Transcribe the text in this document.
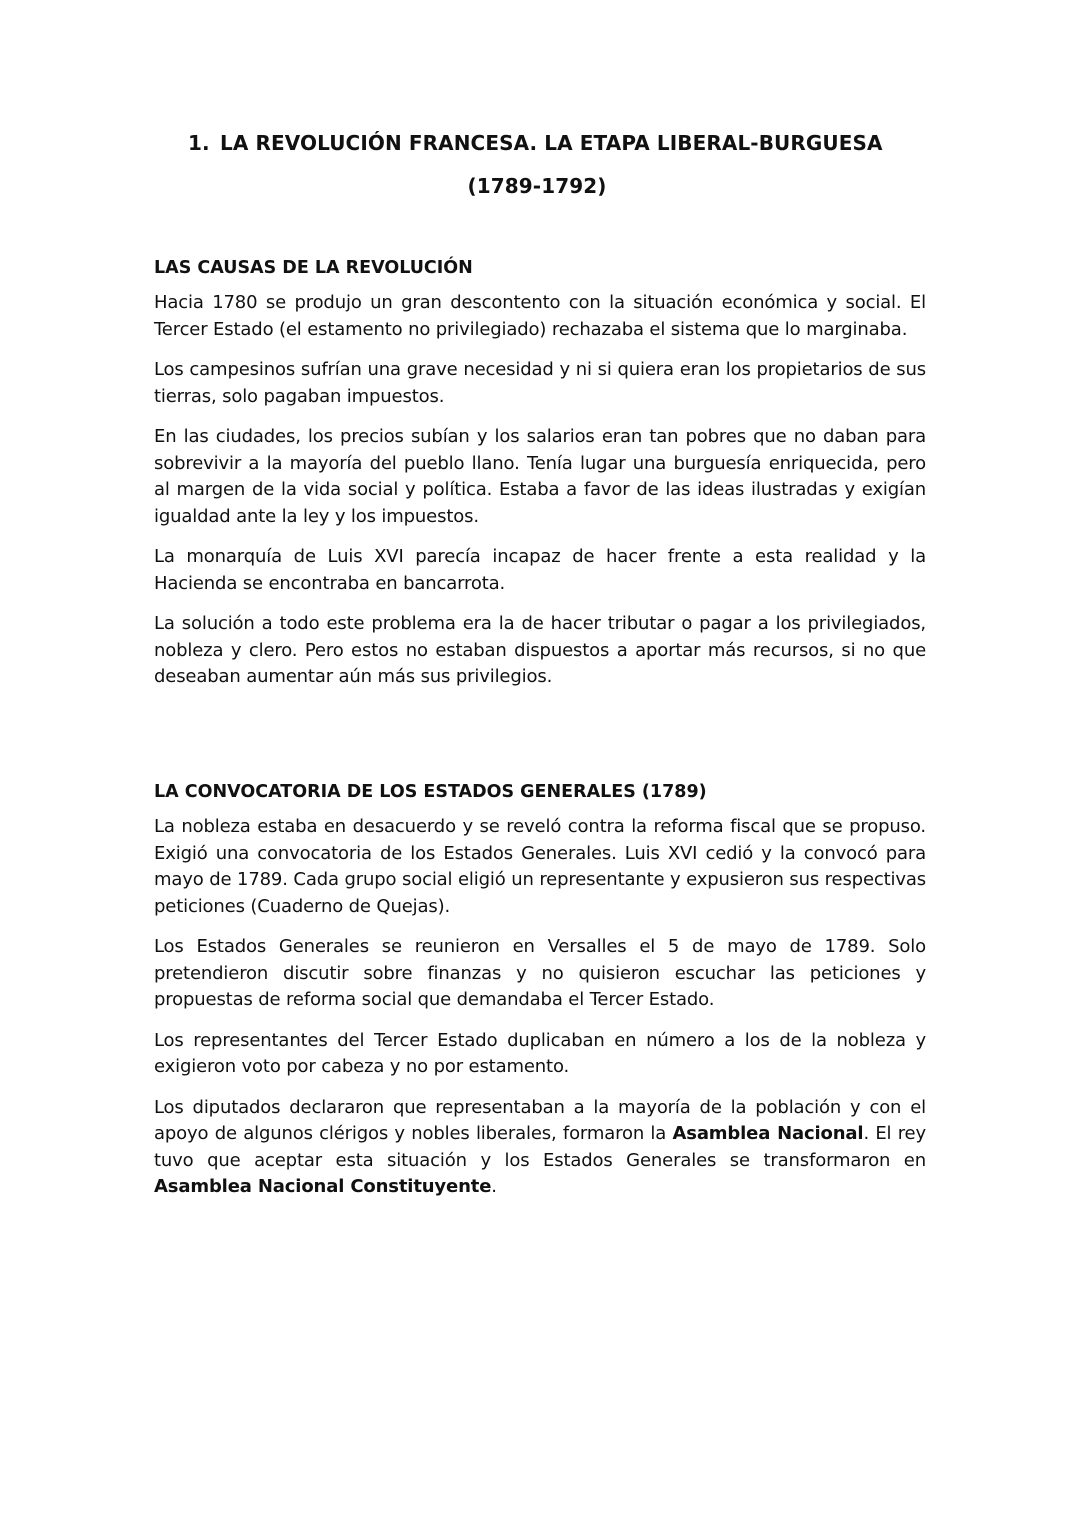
1. LA REVOLUCIÓN FRANCESA. LA ETAPA LIBERAL-BURGUESA
(1789-1792)
LAS CAUSAS DE LA REVOLUCIÓN

Hacia 1780 se produjo un gran descontento con la situación económica y social. El Tercer Estado (el estamento no privilegiado) rechazaba el sistema que lo marginaba.

Los campesinos sufrían una grave necesidad y ni si quiera eran los propietarios de sus tierras, solo pagaban impuestos.

En las ciudades, los precios subían y los salarios eran tan pobres que no daban para sobrevivir a la mayoría del pueblo llano. Tenía lugar una burguesía enriquecida, pero al margen de la vida social y política. Estaba a favor de las ideas ilustradas y exigían igualdad ante la ley y los impuestos.

La monarquía de Luis XVI parecía incapaz de hacer frente a esta realidad y la Hacienda se encontraba en bancarrota.

La solución a todo este problema era la de hacer tributar o pagar a los privilegiados, nobleza y clero. Pero estos no estaban dispuestos a aportar más recursos, si no que deseaban aumentar aún más sus privilegios.

LA CONVOCATORIA DE LOS ESTADOS GENERALES (1789)

La nobleza estaba en desacuerdo y se reveló contra la reforma fiscal que se propuso. Exigió una convocatoria de los Estados Generales. Luis XVI cedió y la convocó para mayo de 1789. Cada grupo social eligió un representante y expusieron sus respectivas peticiones (Cuaderno de Quejas).

Los Estados Generales se reunieron en Versalles el 5 de mayo de 1789. Solo pretendieron discutir sobre finanzas y no quisieron escuchar las peticiones y propuestas de reforma social que demandaba el Tercer Estado.

Los representantes del Tercer Estado duplicaban en número a los de la nobleza y exigieron voto por cabeza y no por estamento.

Los diputados declararon que representaban a la mayoría de la población y con el apoyo de algunos clérigos y nobles liberales, formaron la Asamblea Nacional. El rey tuvo que aceptar esta situación y los Estados Generales se transformaron en Asamblea Nacional Constituyente.
